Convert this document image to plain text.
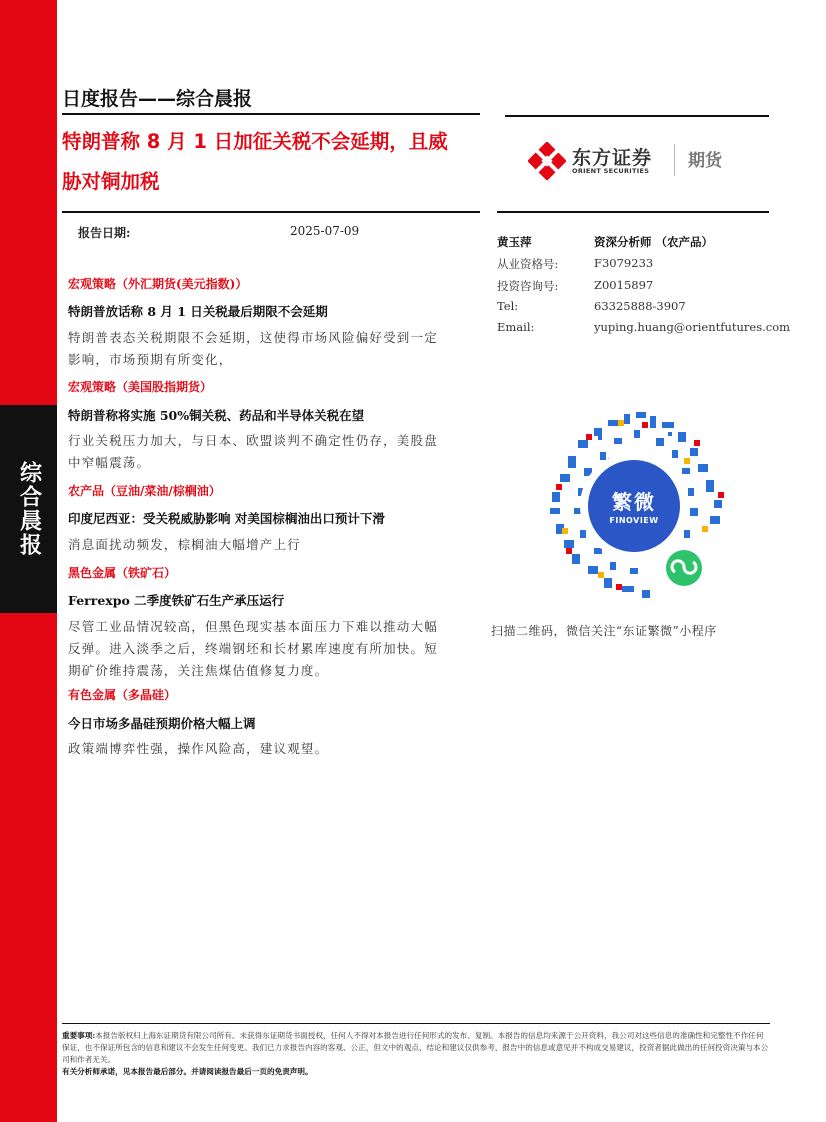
综合晨报
日度报告——综合晨报
特朗普称 8 月 1 日加征关税不会延期，且威
胁对铜加税
东方证券
ORIENT SECURITIES 期货
报告日期:	2025-07-09
宏观策略（外汇期货(美元指数)）
特朗普放话称 8 月 1 日关税最后期限不会延期
特朗普表态关税期限不会延期，这使得市场风险偏好受到一定
影响，市场预期有所变化，
宏观策略（美国股指期货）
特朗普称将实施 50%铜关税、药品和半导体关税在望
行业关税压力加大，与日本、欧盟谈判不确定性仍存，美股盘
中窄幅震荡。
农产品（豆油/菜油/棕榈油）
印度尼西亚：受关税威胁影响 对美国棕榈油出口预计下滑
消息面扰动频发，棕榈油大幅增产上行
黑色金属（铁矿石）
Ferrexpo 二季度铁矿石生产承压运行
尽管工业品情况较高，但黑色现实基本面压力下难以推动大幅
反弹。进入淡季之后，终端钢坯和长材累库速度有所加快。短
期矿价维持震荡，关注焦煤估值修复力度。
有色金属（多晶硅）
今日市场多晶硅预期价格大幅上调
政策端博弈性强，操作风险高，建议观望。
黄玉萍	资深分析师 （农产品）
从业资格号:	F3079233
投资咨询号:	Z0015897
Tel:	63325888-3907
Email:	yuping.huang@orientfutures.com
繁微
FINOVIEW
扫描二维码，微信关注“东证繁微”小程序
重要事项:本报告版权归上海东证期货有限公司所有。未获得东证期货书面授权，任何人不得对本报告进行任何形式的发布、复制。本报告的信息均来源于公开资料，我公司对这些信息的准确性和完整性不作任何保证，也不保证所包含的信息和建议不会发生任何变更。我们已力求报告内容的客观、公正，但文中的观点、结论和建议仅供参考，报告中的信息或意见并不构成交易建议，投资者据此做出的任何投资决策与本公司和作者无关。
有关分析师承诺，见本报告最后部分。并请阅读报告最后一页的免责声明。
